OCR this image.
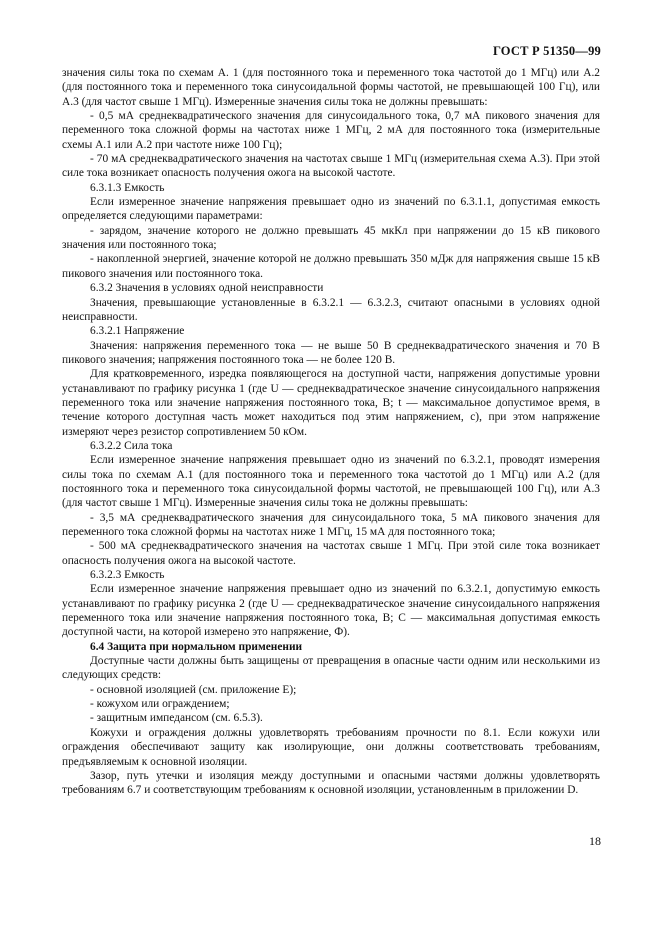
ГОСТ Р 51350—99

значения силы тока по схемам А. 1 (для постоянного тока и переменного тока частотой до 1 МГц) или А.2 (для постоянного тока и переменного тока синусоидальной формы частотой, не превышающей 100 Гц), или А.3 (для частот свыше 1 МГц). Измеренные значения силы тока не должны превышать:

- 0,5 мА среднеквадратического значения для синусоидального тока, 0,7 мА пикового значения для переменного тока сложной формы на частотах ниже 1 МГц, 2 мА для постоянного тока (измерительные схемы А.1 или А.2 при частоте ниже 100 Гц);

- 70 мА среднеквадратического значения на частотах свыше 1 МГц (измерительная схема А.3). При этой силе тока возникает опасность получения ожога на высокой частоте.

6.3.1.3 Емкость

Если измеренное значение напряжения превышает одно из значений по 6.3.1.1, допустимая емкость определяется следующими параметрами:

- зарядом, значение которого не должно превышать 45 мкКл при напряжении до 15 кВ пикового значения или постоянного тока;

- накопленной энергией, значение которой не должно превышать 350 мДж для напряжения свыше 15 кВ пикового значения или постоянного тока.

6.3.2 Значения в условиях одной неисправности

Значения, превышающие установленные в 6.3.2.1 — 6.3.2.3, считают опасными в условиях одной неисправности.

6.3.2.1 Напряжение

Значения: напряжения переменного тока — не выше 50 В среднеквадратического значения и 70 В пикового значения; напряжения постоянного тока — не более 120 В.

Для кратковременного, изредка появляющегося на доступной части, напряжения допустимые уровни устанавливают по графику рисунка 1 (где U — среднеквадратическое значение синусоидального напряжения переменного тока или значение напряжения постоянного тока, В; t — максимальное допустимое время, в течение которого доступная часть может находиться под этим напряжением, с), при этом напряжение измеряют через резистор сопротивлением 50 кОм.

6.3.2.2 Сила тока

Если измеренное значение напряжения превышает одно из значений по 6.3.2.1, проводят измерения силы тока по схемам А.1 (для постоянного тока и переменного тока частотой до 1 МГц) или А.2 (для постоянного тока и переменного тока синусоидальной формы частотой, не превышающей 100 Гц), или А.3 (для частот свыше 1 МГц). Измеренные значения силы тока не должны превышать:

- 3,5 мА среднеквадратического значения для синусоидального тока, 5 мА пикового значения для переменного тока сложной формы на частотах ниже 1 МГц, 15 мА для постоянного тока;

- 500 мА среднеквадратического значения на частотах свыше 1 МГц. При этой силе тока возникает опасность получения ожога на высокой частоте.

6.3.2.3 Емкость

Если измеренное значение напряжения превышает одно из значений по 6.3.2.1, допустимую емкость устанавливают по графику рисунка 2 (где U — среднеквадратическое значение синусоидального напряжения переменного тока или значение напряжения постоянного тока, В; С — максимальная допустимая емкость доступной части, на которой измерено это напряжение, Ф).

6.4 Защита при нормальном применении

Доступные части должны быть защищены от превращения в опасные части одним или несколькими из следующих средств:

- основной изоляцией (см. приложение Е);

- кожухом или ограждением;

- защитным импедансом (см. 6.5.3).

Кожухи и ограждения должны удовлетворять требованиям прочности по 8.1. Если кожухи или ограждения обеспечивают защиту как изолирующие, они должны соответствовать требованиям, предъявляемым к основной изоляции.

Зазор, путь утечки и изоляция между доступными и опасными частями должны удовлетворять требованиям 6.7 и соответствующим требованиям к основной изоляции, установленным в приложении D.

18
